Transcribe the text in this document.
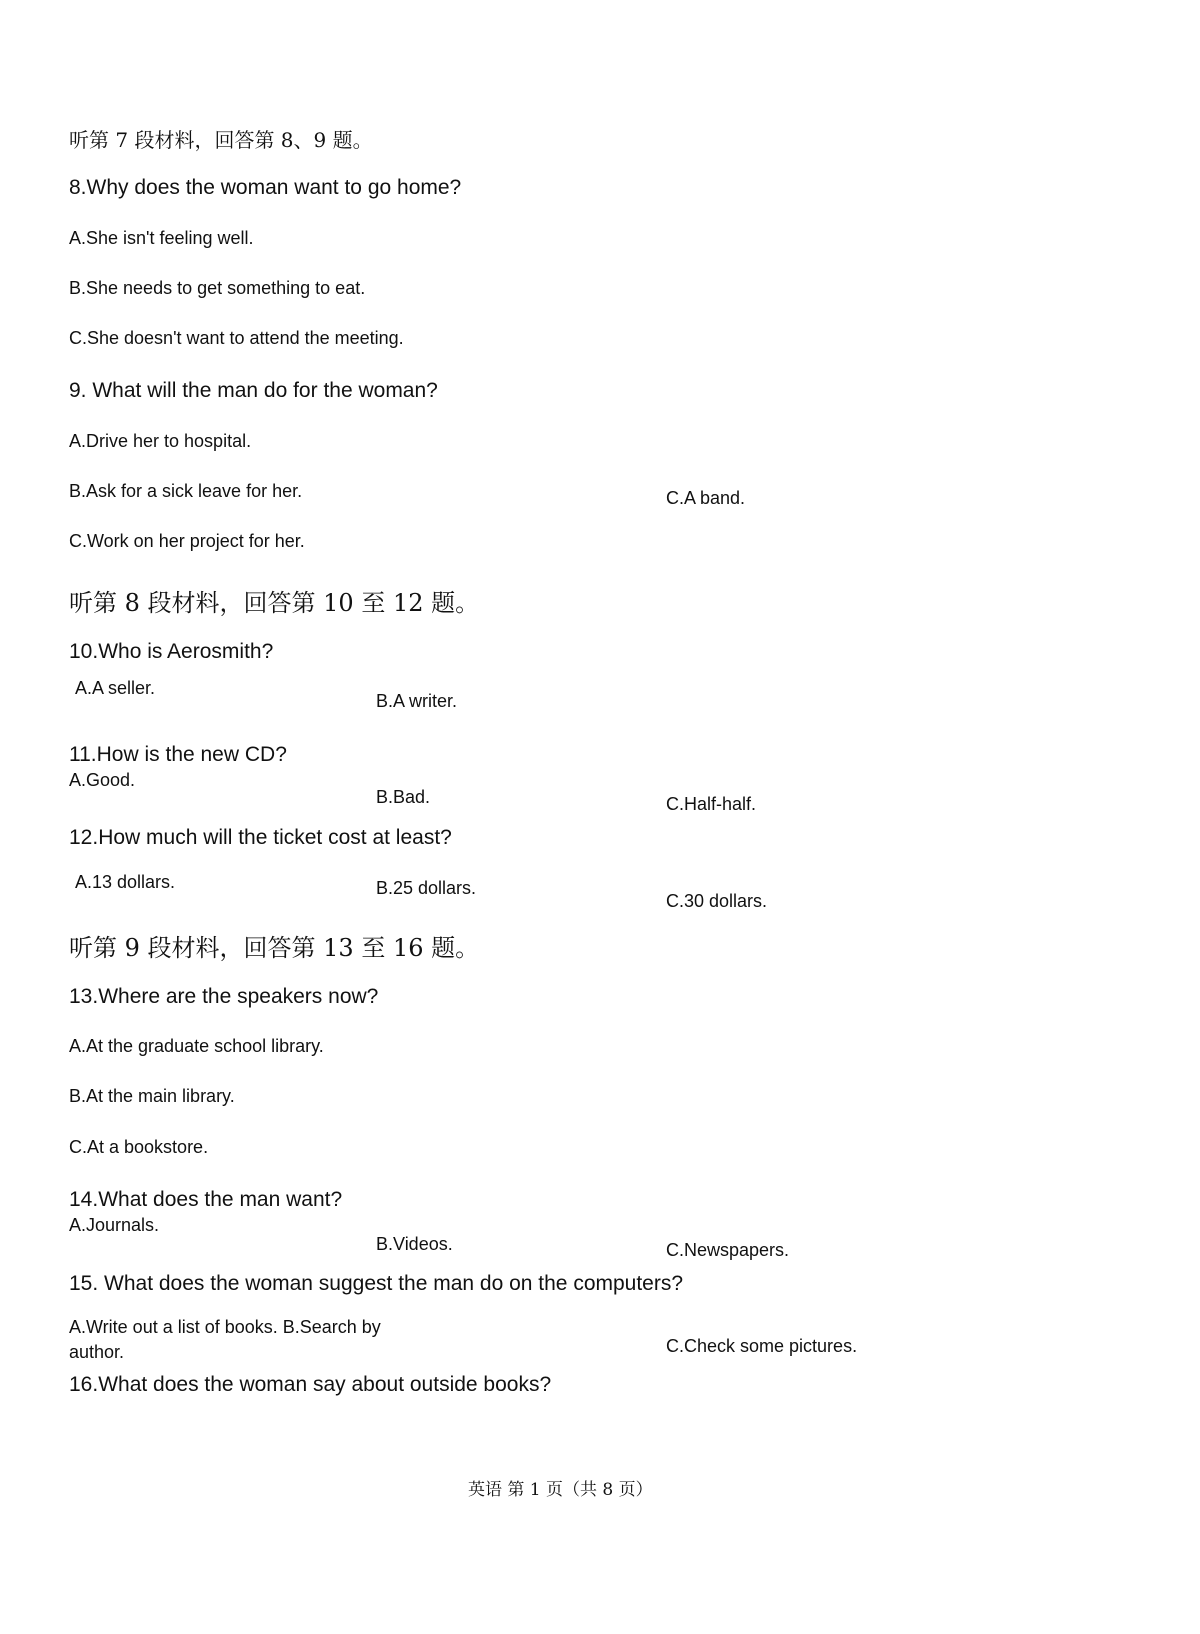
听第 7 段材料，回答第 8、9 题。
8.Why does the woman want to go home?
A.She isn't feeling well.
B.She needs to get something to eat.
C.She doesn't want to attend the meeting.
9. What will the man do for the woman?
A.Drive her to hospital.
B.Ask for a sick leave for her.	C.A band.
C.Work on her project for her.
听第 8 段材料，回答第 10 至 12 题。
10.Who is Aerosmith?
A.A seller.
B.A writer.
11.How is the new CD?
A.Good.
B.Bad.	C.Half-half.
12.How much will the ticket cost at least?
A.13 dollars.	B.25 dollars.
C.30 dollars.
听第 9 段材料，回答第 13 至 16 题。
13.Where are the speakers now?
A.At the graduate school library.
B.At the main library.
C.At a bookstore.
14.What does the man want?
A.Journals.
B.Videos.	C.Newspapers.
15. What does the woman suggest the man do on the computers?
A.Write out a list of books. B.Search by
author.	C.Check some pictures.
16.What does the woman say about outside books?
英语 第 1 页（共 8 页）
